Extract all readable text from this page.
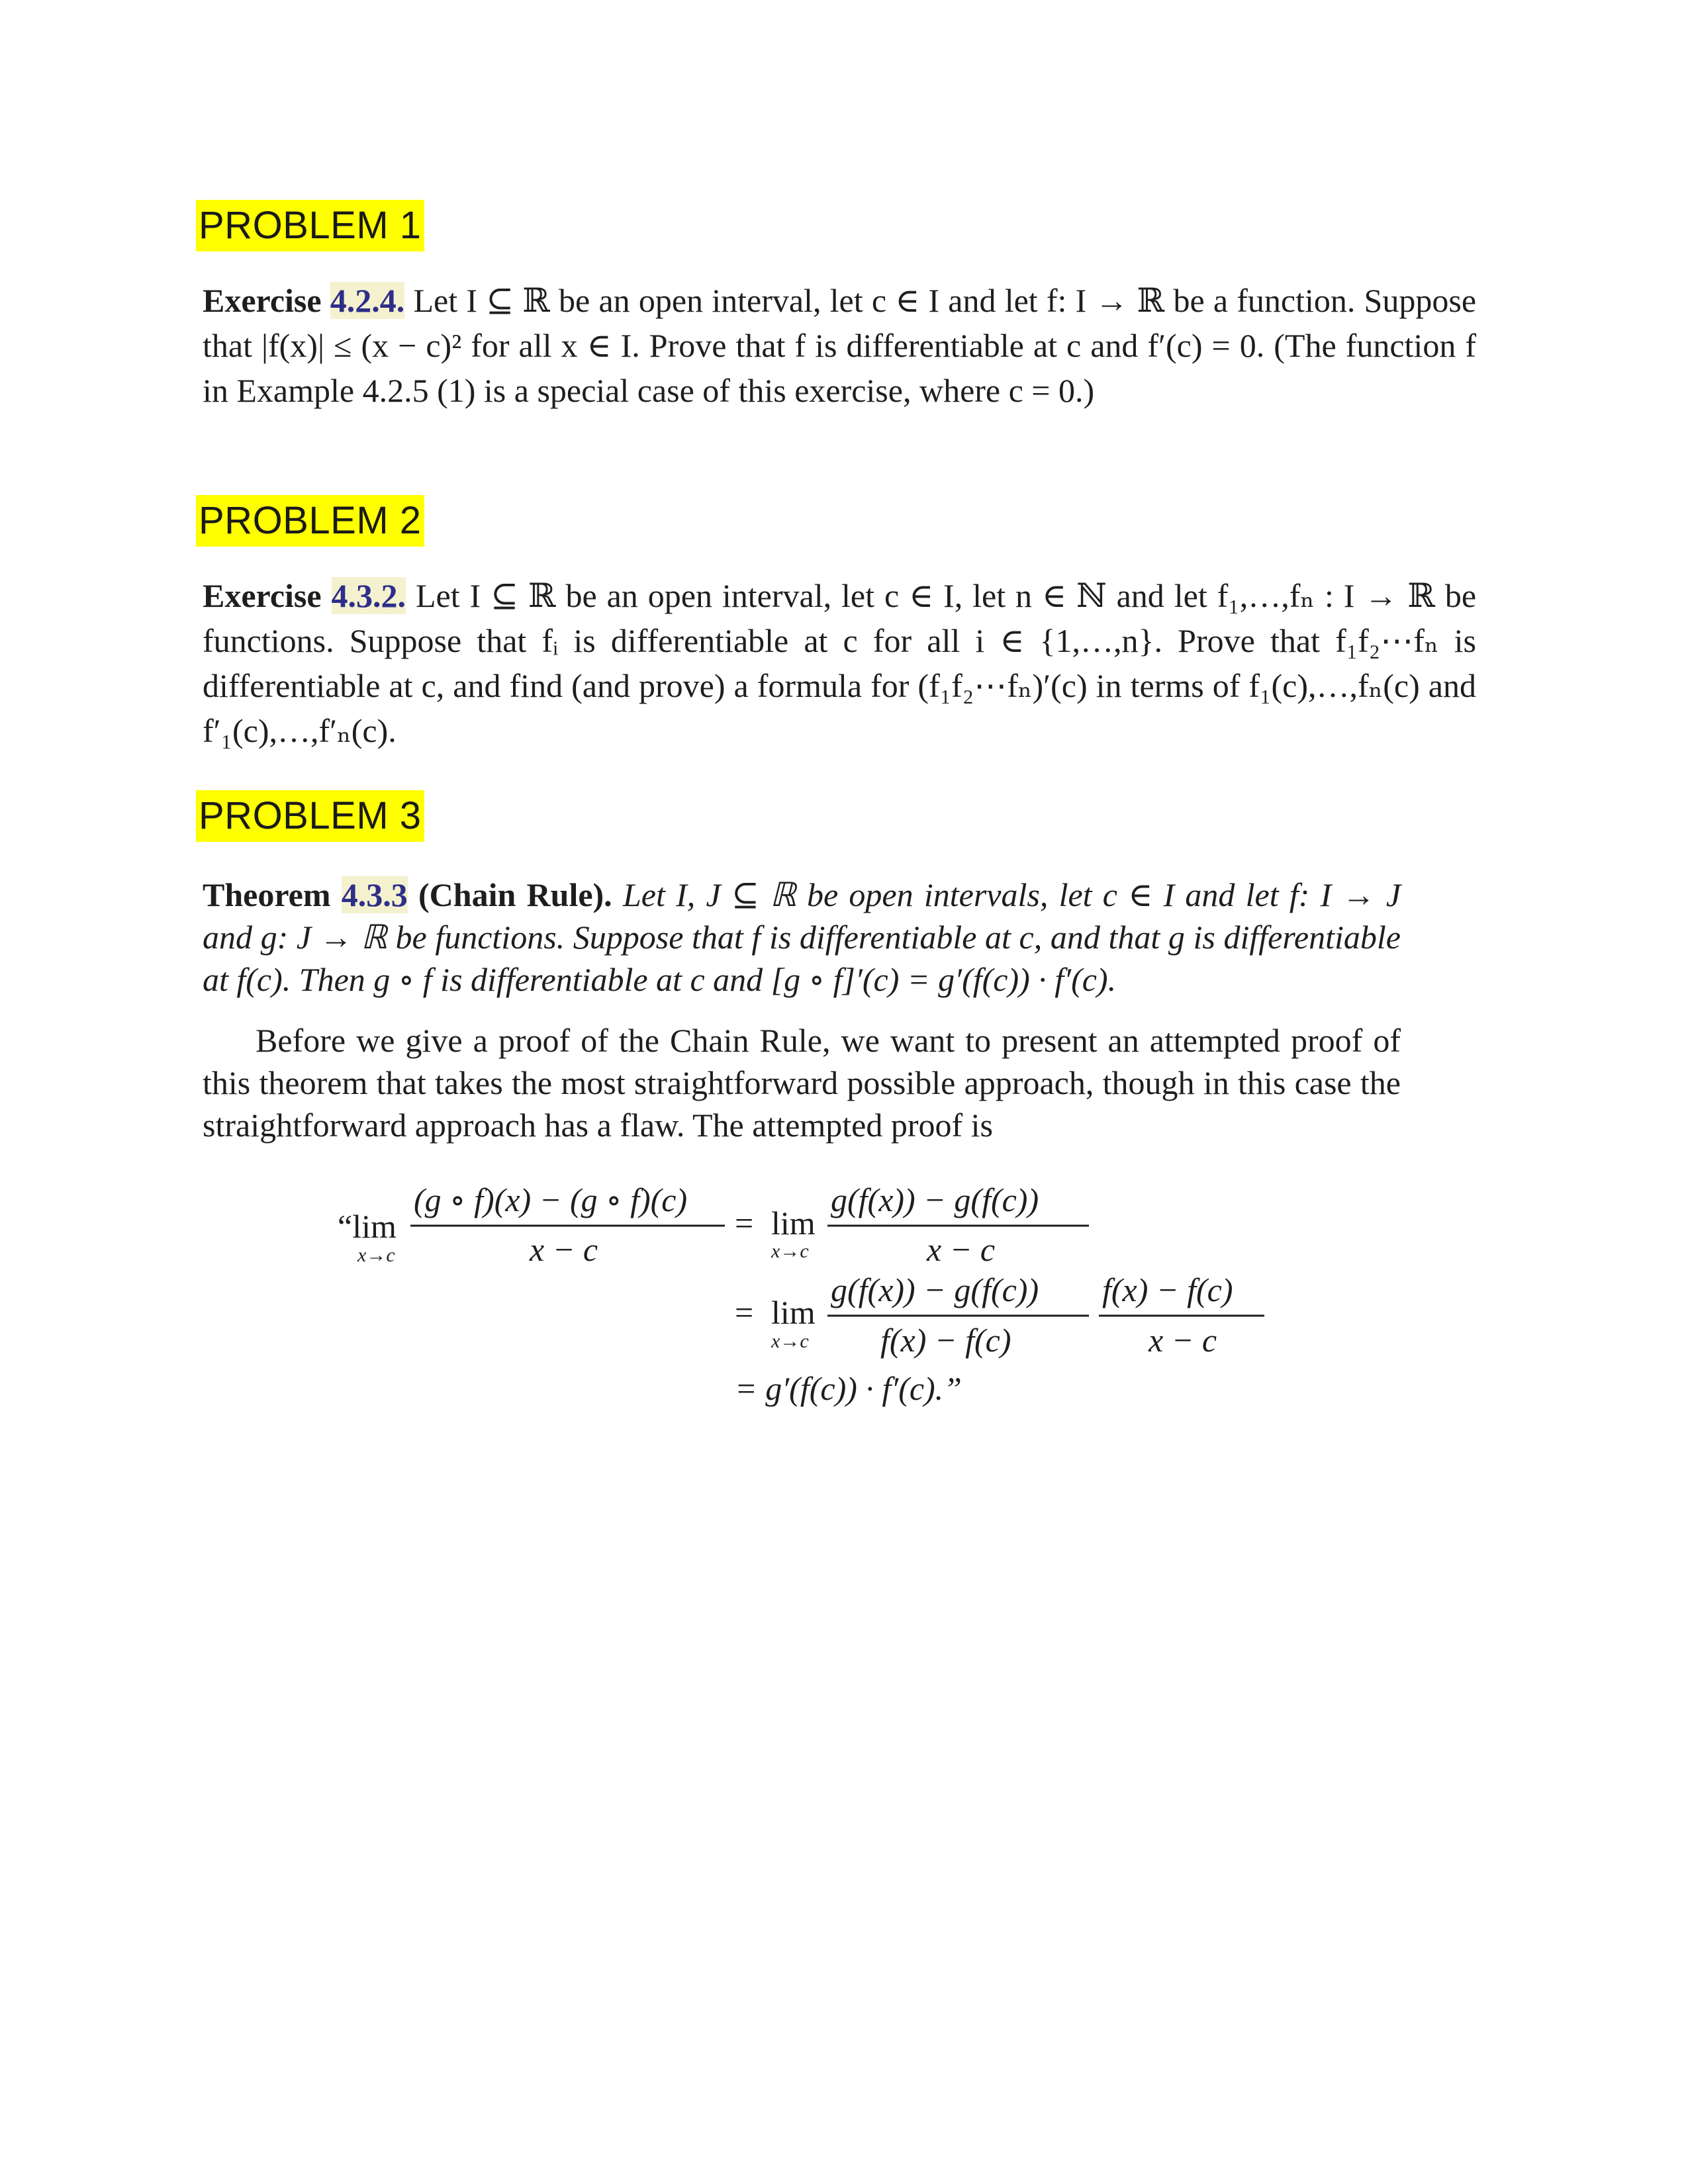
PROBLEM 1
Exercise 4.2.4. Let I ⊆ ℝ be an open interval, let c ∈ I and let f: I → ℝ be a function. Suppose that |f(x)| ≤ (x − c)² for all x ∈ I. Prove that f is differentiable at c and f′(c) = 0. (The function f in Example 4.2.5 (1) is a special case of this exercise, where c = 0.)
PROBLEM 2
Exercise 4.3.2. Let I ⊆ ℝ be an open interval, let c ∈ I, let n ∈ ℕ and let f₁,…,fₙ : I → ℝ be functions. Suppose that fᵢ is differentiable at c for all i ∈ {1,…,n}. Prove that f₁f₂⋯fₙ is differentiable at c, and find (and prove) a formula for (f₁f₂⋯fₙ)′(c) in terms of f₁(c),…,fₙ(c) and f′₁(c),…,f′ₙ(c).
PROBLEM 3
Theorem 4.3.3 (Chain Rule). Let I, J ⊆ ℝ be open intervals, let c ∈ I and let f: I → J and g: J → ℝ be functions. Suppose that f is differentiable at c, and that g is differentiable at f(c). Then g ∘ f is differentiable at c and [g ∘ f]′(c) = g′(f(c)) · f′(c).
Before we give a proof of the Chain Rule, we want to present an attempted proof of this theorem that takes the most straightforward possible approach, though in this case the straightforward approach has a flaw. The attempted proof is
“lim
x→c
(g ∘ f)(x) − (g ∘ f)(c)
x − c
= lim
x→c
g(f(x)) − g(f(c))
x − c
= lim
x→c
g(f(x)) − g(f(c))
f(x) − f(c)
f(x) − f(c)
x − c
= g′(f(c)) · f′(c).”
